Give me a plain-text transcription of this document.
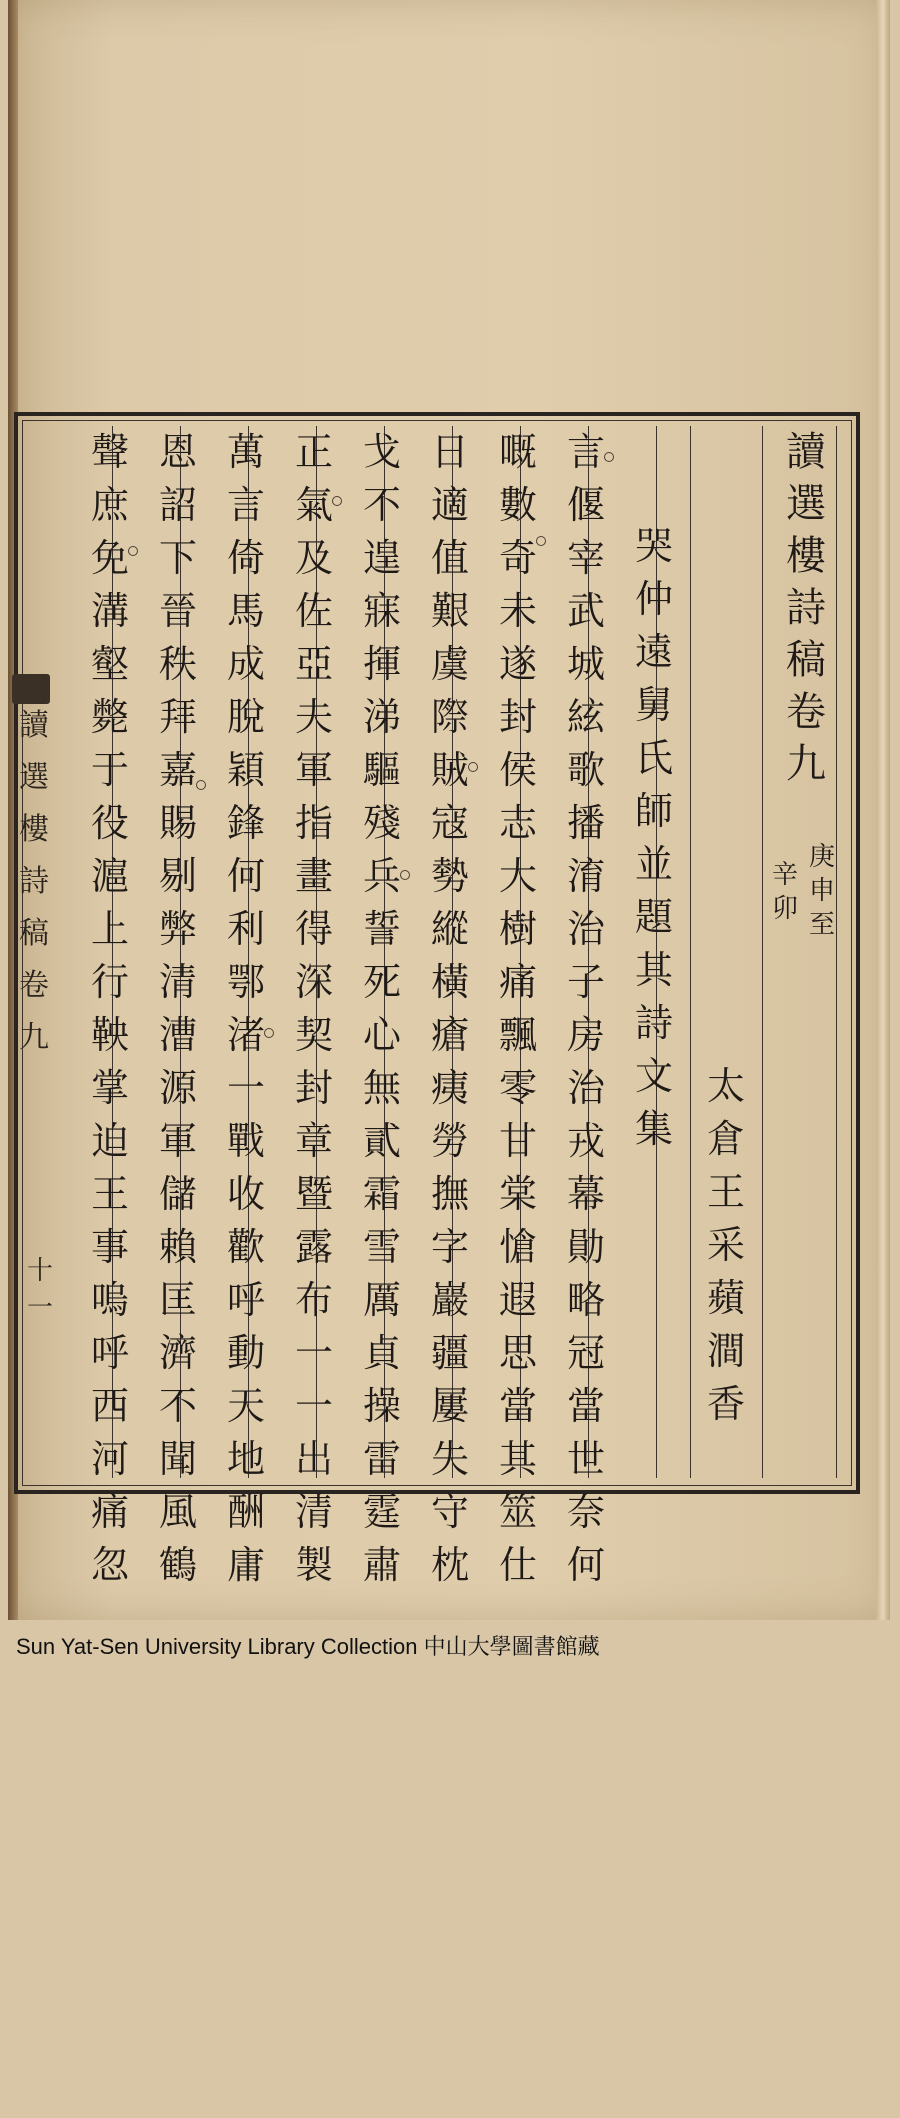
讀
選
樓
詩
稿
卷
九
庚
申
至
辛
卯
太
倉
王
采
蘋
澗
香
哭
仲
遠
舅
氏
師
並
題
其
詩
文
集
言
偃
宰
武
城
絃
歌
播
淯
治
子
房
治
戎
幕
勛
略
冠
當
世
奈
何
嘅
數
奇
未
遂
封
侯
志
大
樹
痛
飄
零
甘
棠
愴
遐
思
當
其
筮
仕
日
適
值
艱
虞
際
賊
寇
勢
縱
橫
瘡
痍
勞
撫
字
巖
疆
屢
失
守
枕
戈
不
遑
寐
揮
涕
驅
殘
兵
誓
死
心
無
貳
霜
雪
厲
貞
操
雷
霆
肅
正
氣
及
佐
亞
夫
軍
指
畫
得
深
契
封
章
暨
露
布
一
一
出
清
製
萬
言
倚
馬
成
脫
穎
鋒
何
利
鄂
渚
一
戰
收
歡
呼
動
天
地
酬
庸
恩
詔
下
晉
秩
拜
嘉
賜
剔
弊
清
漕
源
軍
儲
賴
匡
濟
不
聞
風
鶴
聲
庶
免
溝
壑
斃
于
役
滬
上
行
鞅
掌
迫
王
事
嗚
呼
西
河
痛
忽
讀
選
樓
詩
稿
卷
九
十一
Sun Yat-Sen University Library Collection 中山大學圖書館藏
